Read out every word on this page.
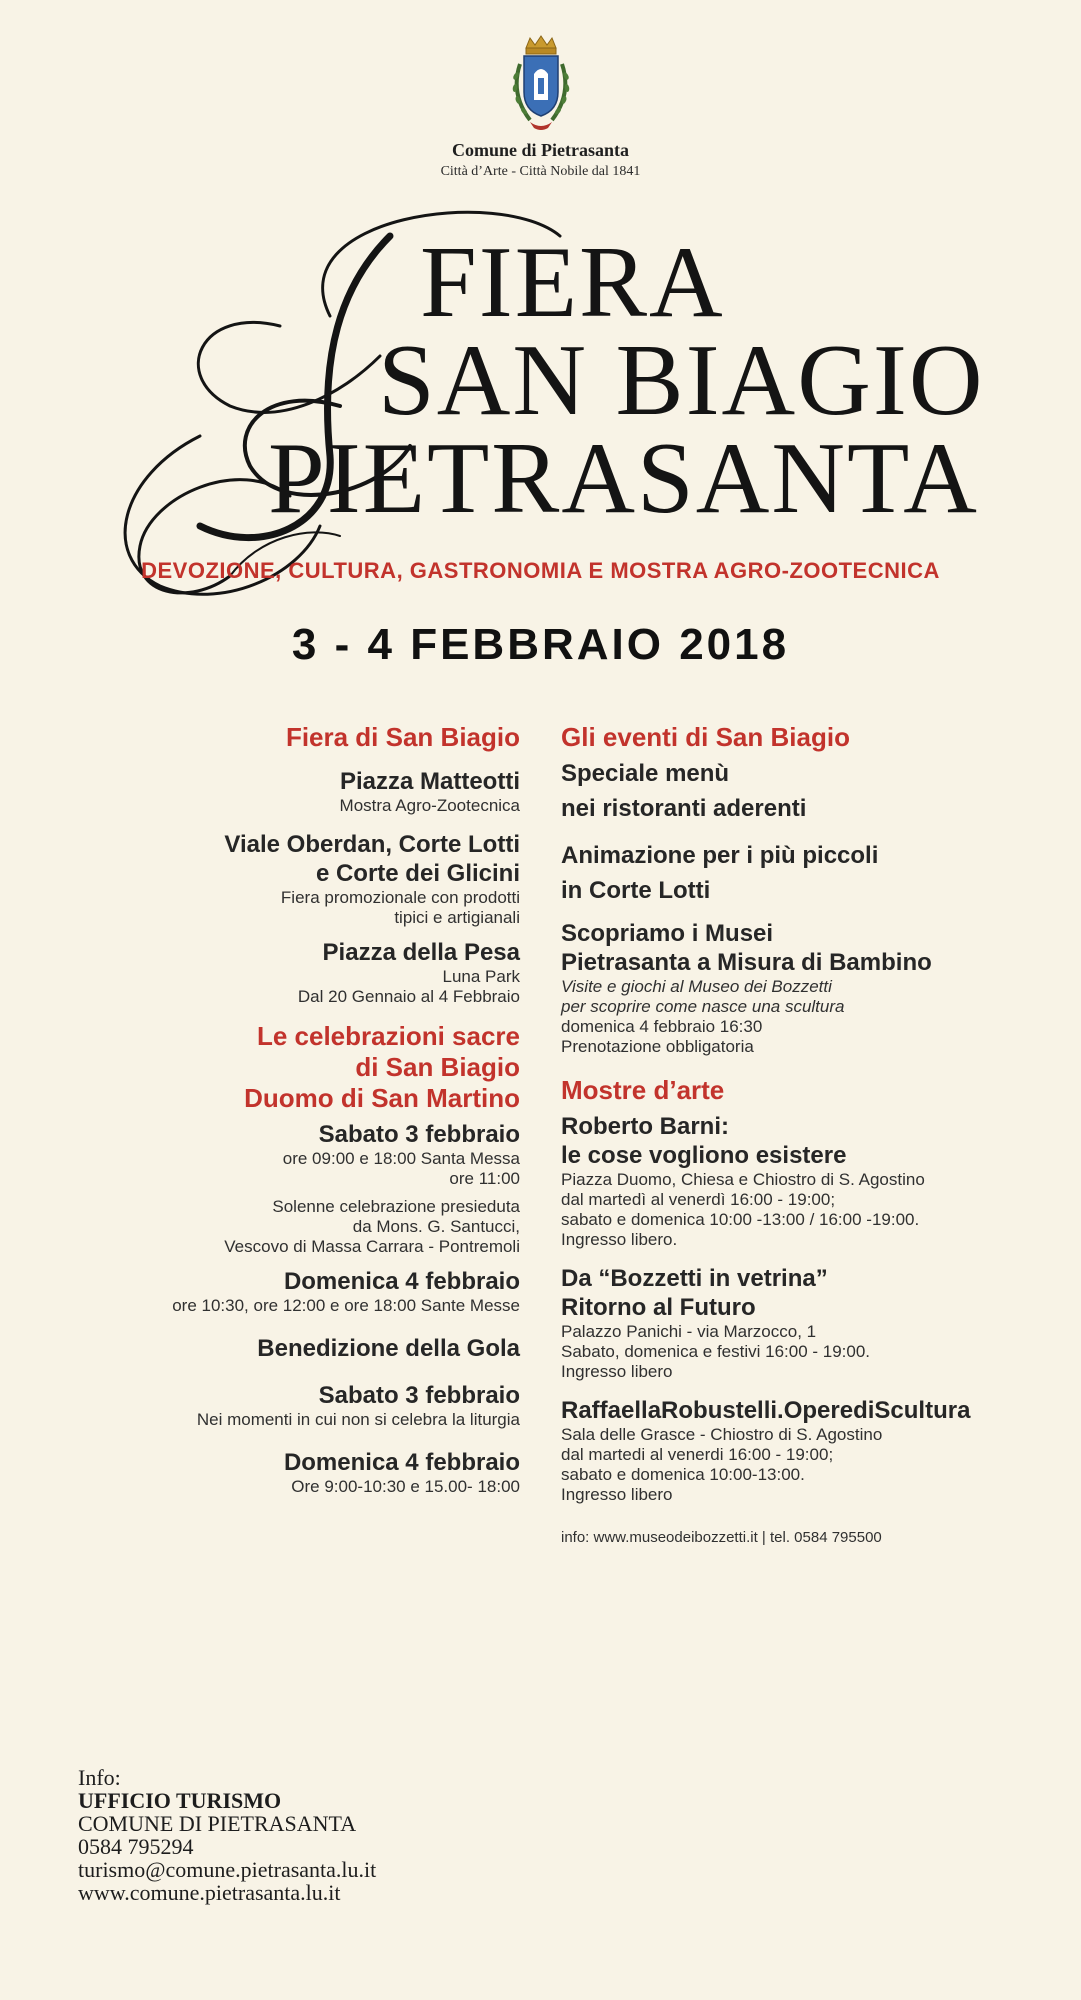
Comune di Pietrasanta
Città d’Arte - Città Nobile dal 1841
FIERA
SAN BIAGIO
PIETRASANTA
DEVOZIONE, CULTURA, GASTRONOMIA E MOSTRA AGRO-ZOOTECNICA
3 - 4 FEBBRAIO 2018
Fiera di San Biagio
Piazza Matteotti
Mostra Agro-Zootecnica
Viale Oberdan, Corte Lotti
e Corte dei Glicini
Fiera promozionale con prodotti
tipici e artigianali
Piazza della Pesa
Luna Park
Dal 20 Gennaio al 4 Febbraio
Le celebrazioni sacre
di San Biagio
Duomo di San Martino
Sabato 3 febbraio
ore 09:00 e 18:00 Santa Messa
ore 11:00
Solenne celebrazione presieduta
da Mons. G. Santucci,
Vescovo di Massa Carrara - Pontremoli
Domenica 4 febbraio
ore 10:30, ore 12:00 e ore 18:00 Sante Messe
Benedizione della Gola
Sabato 3 febbraio
Nei momenti in cui non si celebra la liturgia
Domenica 4 febbraio
Ore 9:00-10:30 e 15.00- 18:00
Gli eventi di San Biagio
Speciale menù
nei ristoranti aderenti
Animazione per i più piccoli
in Corte Lotti
Scopriamo i Musei
Pietrasanta a Misura di Bambino
Visite e giochi al Museo dei Bozzetti
per scoprire come nasce una scultura
domenica 4 febbraio 16:30
Prenotazione obbligatoria
Mostre d’arte
Roberto Barni:
le cose vogliono esistere
Piazza Duomo, Chiesa e Chiostro di S. Agostino
dal martedì al venerdì 16:00 - 19:00;
sabato e domenica 10:00 -13:00 / 16:00 -19:00.
Ingresso libero.
Da “Bozzetti in vetrina”
Ritorno al Futuro
Palazzo Panichi - via Marzocco, 1
Sabato, domenica e festivi 16:00 - 19:00.
Ingresso libero
RaffaellaRobustelli.OperediScultura
Sala delle Grasce - Chiostro di S. Agostino
dal martedi al venerdi 16:00 - 19:00;
sabato e domenica 10:00-13:00.
Ingresso libero
info: www.museodeibozzetti.it | tel. 0584 795500
Info:
UFFICIO TURISMO
COMUNE DI PIETRASANTA
0584 795294
turismo@comune.pietrasanta.lu.it
www.comune.pietrasanta.lu.it
